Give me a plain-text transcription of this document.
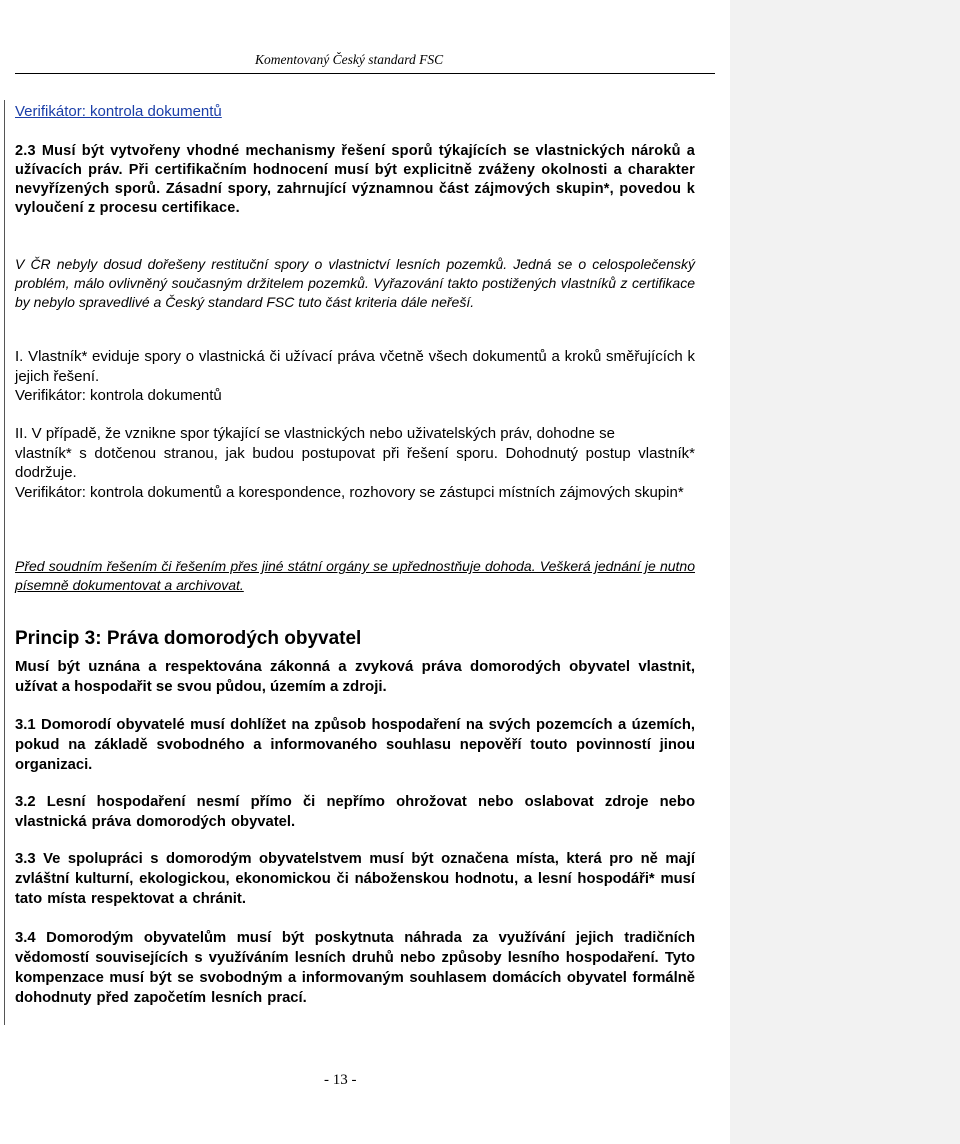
Komentovaný Český standard FSC
Verifikátor: kontrola dokumentů

2.3 Musí být vytvořeny vhodné mechanismy řešení sporů týkajících se vlastnických nároků a užívacích práv. Při certifikačním hodnocení musí být explicitně zváženy okolnosti a charakter nevyřízených sporů. Zásadní spory, zahrnující významnou část zájmových skupin*, povedou k vyloučení z procesu certifikace.

V ČR nebyly dosud dořešeny restituční spory o vlastnictví lesních pozemků. Jedná se o celospolečenský problém, málo ovlivněný současným držitelem pozemků. Vyřazování takto postižených vlastníků z certifikace by nebylo spravedlivé a Český standard FSC tuto část kriteria dále neřeší.

I. Vlastník* eviduje spory o vlastnická či užívací práva včetně všech dokumentů a kroků směřujících k jejich řešení.
Verifikátor: kontrola dokumentů
II. V případě, že vznikne spor týkající se vlastnických nebo uživatelských práv, dohodne se
vlastník* s dotčenou stranou, jak budou postupovat při řešení sporu. Dohodnutý postup vlastník* dodržuje.
Verifikátor: kontrola dokumentů a korespondence, rozhovory se zástupci místních zájmových skupin*

Před soudním řešením či řešením přes jiné státní orgány se upřednostňuje dohoda. Veškerá jednání je nutno písemně dokumentovat a archivovat.

Princip 3: Práva domorodých obyvatel

Musí být uznána a respektována zákonná a zvyková práva domorodých obyvatel vlastnit, užívat a hospodařit se svou půdou, územím a zdroji.

3.1 Domorodí obyvatelé musí dohlížet na způsob hospodaření na svých pozemcích a územích, pokud na základě svobodného a informovaného souhlasu nepověří touto povinností jinou organizaci.

3.2 Lesní hospodaření nesmí přímo či nepřímo ohrožovat nebo oslabovat zdroje nebo vlastnická práva domorodých obyvatel.

3.3 Ve spolupráci s domorodým obyvatelstvem musí být označena místa, která pro ně mají zvláštní kulturní, ekologickou, ekonomickou či náboženskou hodnotu, a lesní hospodáři* musí tato místa respektovat a chránit.

3.4 Domorodým obyvatelům musí být poskytnuta náhrada za využívání jejich tradičních vědomostí souvisejících s využíváním lesních druhů nebo způsoby lesního hospodaření. Tyto kompenzace musí být se svobodným a informovaným souhlasem domácích obyvatel formálně dohodnuty před započetím lesních prací.

- 13 -
